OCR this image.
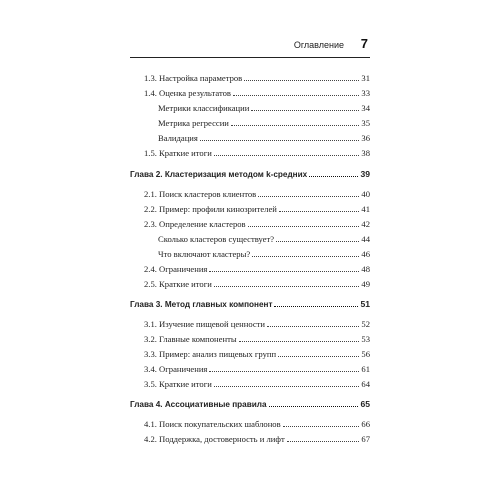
Оглавление 7
1.3. Настройка параметров	31
1.4. Оценка результатов	33
Метрики классификации	34
Метрика регрессии	35
Валидация	36
1.5. Краткие итоги	38
Глава 2. Кластеризация методом k-средних	39
2.1. Поиск кластеров клиентов	40
2.2. Пример: профили кинозрителей	41
2.3. Определение кластеров	42
Сколько кластеров существует?	44
Что включают кластеры?	46
2.4. Ограничения	48
2.5. Краткие итоги	49
Глава 3. Метод главных компонент	51
3.1. Изучение пищевой ценности	52
3.2. Главные компоненты	53
3.3. Пример: анализ пищевых групп	56
3.4. Ограничения	61
3.5. Краткие итоги	64
Глава 4. Ассоциативные правила	65
4.1. Поиск покупательских шаблонов	66
4.2. Поддержка, достоверность и лифт	67
